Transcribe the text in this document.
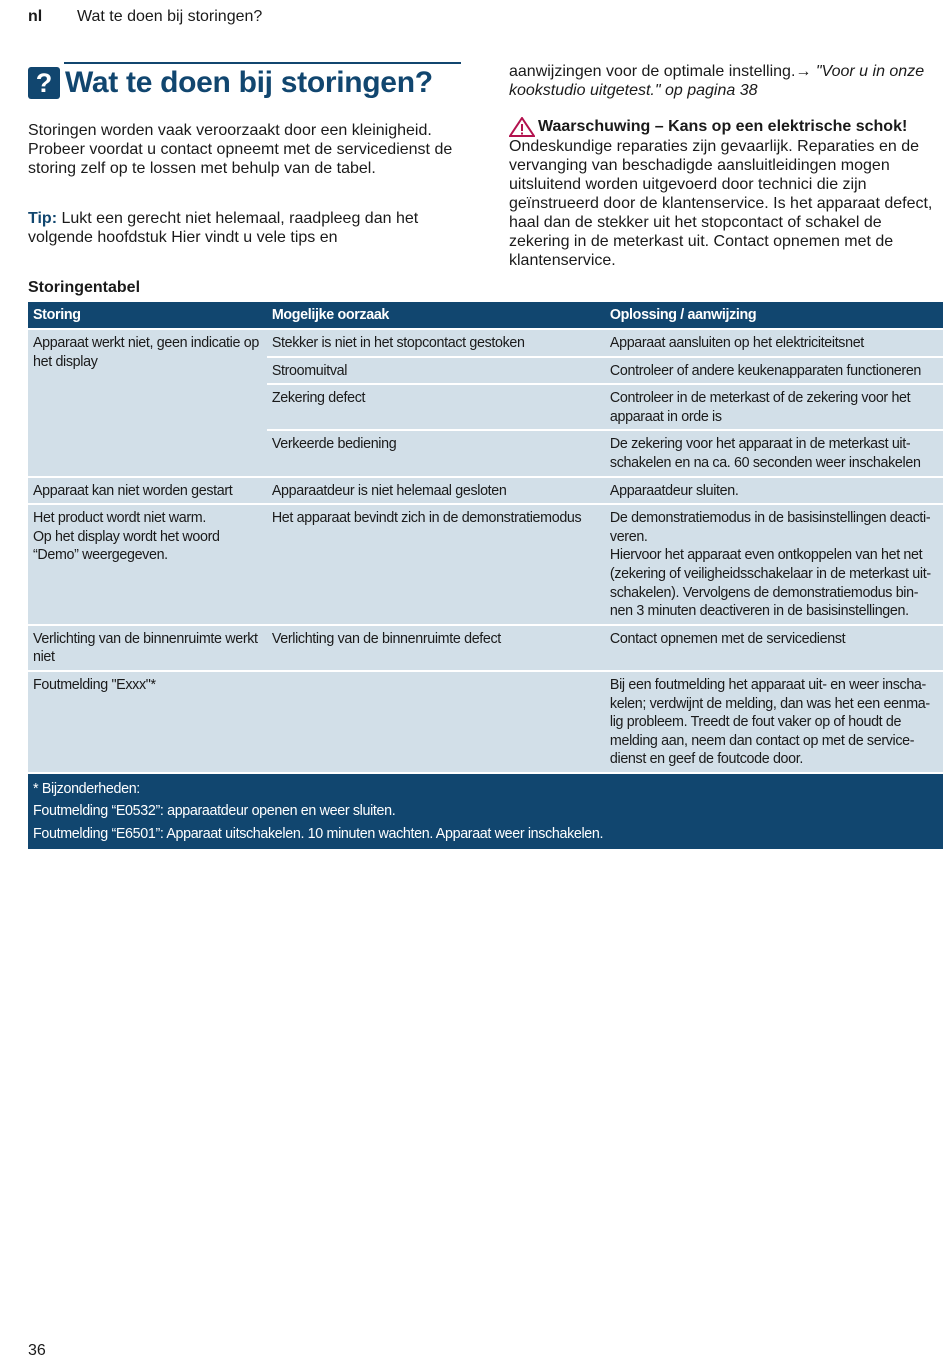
nl Wat te doen bij storingen?
? Wat te doen bij storingen?
Storingen worden vaak veroorzaakt door een kleinigheid. Probeer voordat u contact opneemt met de servicedienst de storing zelf op te lossen met behulp van de tabel.
Tip: Lukt een gerecht niet helemaal, raadpleeg dan het volgende hoofdstuk Hier vindt u vele tips en
aanwijzingen voor de optimale instelling.→ "Voor u in onze kookstudio uitgetest." op pagina 38
Waarschuwing – Kans op een elektrische schok!
Ondeskundige reparaties zijn gevaarlijk. Reparaties en de vervanging van beschadigde aansluitleidingen mogen uitsluitend worden uitgevoerd door technici die zijn geïnstrueerd door de klantenservice. Is het apparaat defect, haal dan de stekker uit het stopcontact of schakel de zekering in de meterkast uit. Contact opnemen met de klantenservice.
Storingentabel
Storing	Mogelijke oorzaak	Oplossing / aanwijzing
Apparaat werkt niet, geen indicatie op het display	Stekker is niet in het stopcontact gestoken	Apparaat aansluiten op het elektriciteitsnet
	Stroomuitval	Controleer of andere keukenapparaten functioneren
	Zekering defect	Controleer in de meterkast of de zekering voor het apparaat in orde is
	Verkeerde bediening	De zekering voor het apparaat in de meterkast uit-schakelen en na ca. 60 seconden weer inschakelen
Apparaat kan niet worden gestart	Apparaatdeur is niet helemaal gesloten	Apparaatdeur sluiten.
Het product wordt niet warm.
Op het display wordt het woord “Demo” weergegeven.	Het apparaat bevindt zich in de demonstratiemodus	De demonstratiemodus in de basisinstellingen deacti-veren.
Hiervoor het apparaat even ontkoppelen van het net (zekering of veiligheidsschakelaar in de meterkast uit-schakelen). Vervolgens de demonstratiemodus bin-nen 3 minuten deactiveren in de basisinstellingen.
Verlichting van de binnenruimte werkt niet	Verlichting van de binnenruimte defect	Contact opnemen met de servicedienst
Foutmelding "Exxx"*		Bij een foutmelding het apparaat uit- en weer inscha-kelen; verdwijnt de melding, dan was het een eenma-lig probleem. Treedt de fout vaker op of houdt de melding aan, neem dan contact op met de service-dienst en geef de foutcode door.

* Bijzonderheden:
Foutmelding “E0532”: apparaatdeur openen en weer sluiten.
Foutmelding “E6501”: Apparaat uitschakelen. 10 minuten wachten. Apparaat weer inschakelen.		
36
